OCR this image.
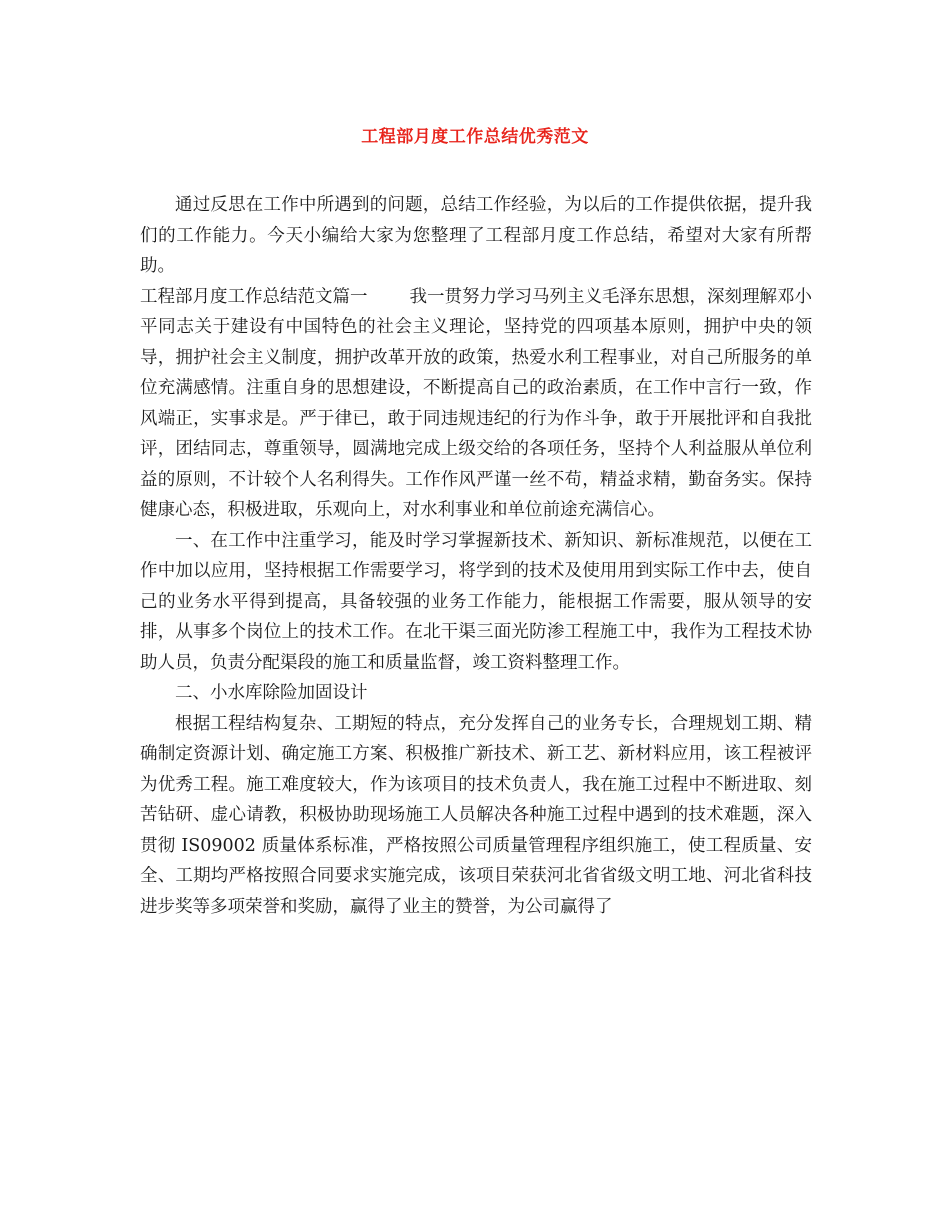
工程部月度工作总结优秀范文

通过反思在工作中所遇到的问题，总结工作经验，为以后的工作提供依据，提升我们的工作能力。今天小编给大家为您整理了工程部月度工作总结，希望对大家有所帮助。

工程部月度工作总结范文篇一 我一贯努力学习马列主义毛泽东思想，深刻理解邓小平同志关于建设有中国特色的社会主义理论，坚持党的四项基本原则，拥护中央的领导，拥护社会主义制度，拥护改革开放的政策，热爱水利工程事业，对自己所服务的单位充满感情。注重自身的思想建设，不断提高自己的政治素质，在工作中言行一致，作风端正，实事求是。严于律已，敢于同违规违纪的行为作斗争，敢于开展批评和自我批评，团结同志，尊重领导，圆满地完成上级交给的各项任务，坚持个人利益服从单位利益的原则，不计较个人名利得失。工作作风严谨一丝不苟，精益求精，勤奋务实。保持健康心态，积极进取，乐观向上，对水利事业和单位前途充满信心。

一、在工作中注重学习，能及时学习掌握新技术、新知识、新标准规范，以便在工作中加以应用，坚持根据工作需要学习，将学到的技术及使用用到实际工作中去，使自己的业务水平得到提高，具备较强的业务工作能力，能根据工作需要，服从领导的安排，从事多个岗位上的技术工作。在北干渠三面光防渗工程施工中，我作为工程技术协助人员，负责分配渠段的施工和质量监督，竣工资料整理工作。

二、小水库除险加固设计

根据工程结构复杂、工期短的特点，充分发挥自己的业务专长，合理规划工期、精确制定资源计划、确定施工方案、积极推广新技术、新工艺、新材料应用，该工程被评为优秀工程。施工难度较大，作为该项目的技术负责人，我在施工过程中不断进取、刻苦钻研、虚心请教，积极协助现场施工人员解决各种施工过程中遇到的技术难题，深入贯彻 IS09002 质量体系标准，严格按照公司质量管理程序组织施工，使工程质量、安全、工期均严格按照合同要求实施完成，该项目荣获河北省省级文明工地、河北省科技进步奖等多项荣誉和奖励，赢得了业主的赞誉，为公司赢得了
